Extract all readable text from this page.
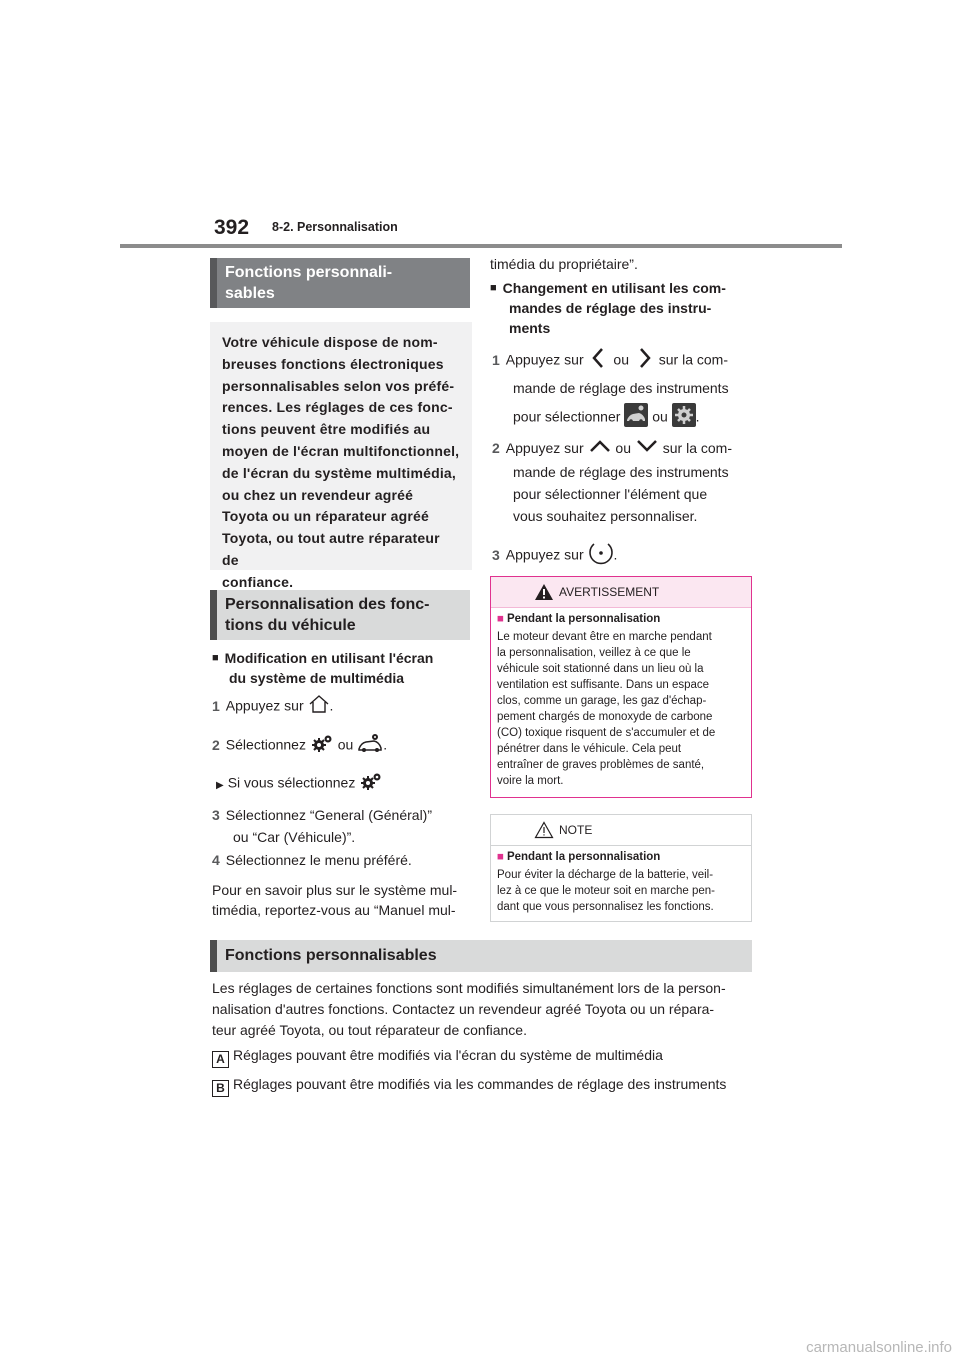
392 8-2. Personnalisation
Fonctions personnali-
sables
Votre véhicule dispose de nom-
breuses fonctions électroniques
personnalisables selon vos préfé-
rences. Les réglages de ces fonc-
tions peuvent être modifiés au
moyen de l'écran multifonctionnel,
de l'écran du système multimédia,
ou chez un revendeur agréé
Toyota ou un réparateur agréé
Toyota, ou tout autre réparateur de
confiance.
Personnalisation des fonc-
tions du véhicule
■ Modification en utilisant l'écran
du système de multimédia
1 Appuyez sur .
2 Sélectionnez ou .
▶ Si vous sélectionnez
3 Sélectionnez “General (Général)”
ou “Car (Véhicule)”.
4 Sélectionnez le menu préféré.
Pour en savoir plus sur le système mul-
timédia, reportez-vous au “Manuel mul-
timédia du propriétaire”.
■ Changement en utilisant les com-
mandes de réglage des instru-
ments
1 Appuyez sur ou sur la com-
mande de réglage des instruments
pour sélectionner ou .
2 Appuyez sur ou sur la com-
mande de réglage des instruments
pour sélectionner l'élément que
vous souhaitez personnaliser.
3 Appuyez sur .
AVERTISSEMENT
■ Pendant la personnalisation
Le moteur devant être en marche pendant
la personnalisation, veillez à ce que le
véhicule soit stationné dans un lieu où la
ventilation est suffisante. Dans un espace
clos, comme un garage, les gaz d'échap-
pement chargés de monoxyde de carbone
(CO) toxique risquent de s'accumuler et de
pénétrer dans le véhicule. Cela peut
entraîner de graves problèmes de santé,
voire la mort.
NOTE
■ Pendant la personnalisation
Pour éviter la décharge de la batterie, veil-
lez à ce que le moteur soit en marche pen-
dant que vous personnalisez les fonctions.
Fonctions personnalisables
Les réglages de certaines fonctions sont modifiés simultanément lors de la person-
nalisation d'autres fonctions. Contactez un revendeur agréé Toyota ou un répara-
teur agréé Toyota, ou tout réparateur de confiance.
A Réglages pouvant être modifiés via l'écran du système de multimédia
B Réglages pouvant être modifiés via les commandes de réglage des instruments
carmanualsonline.info
